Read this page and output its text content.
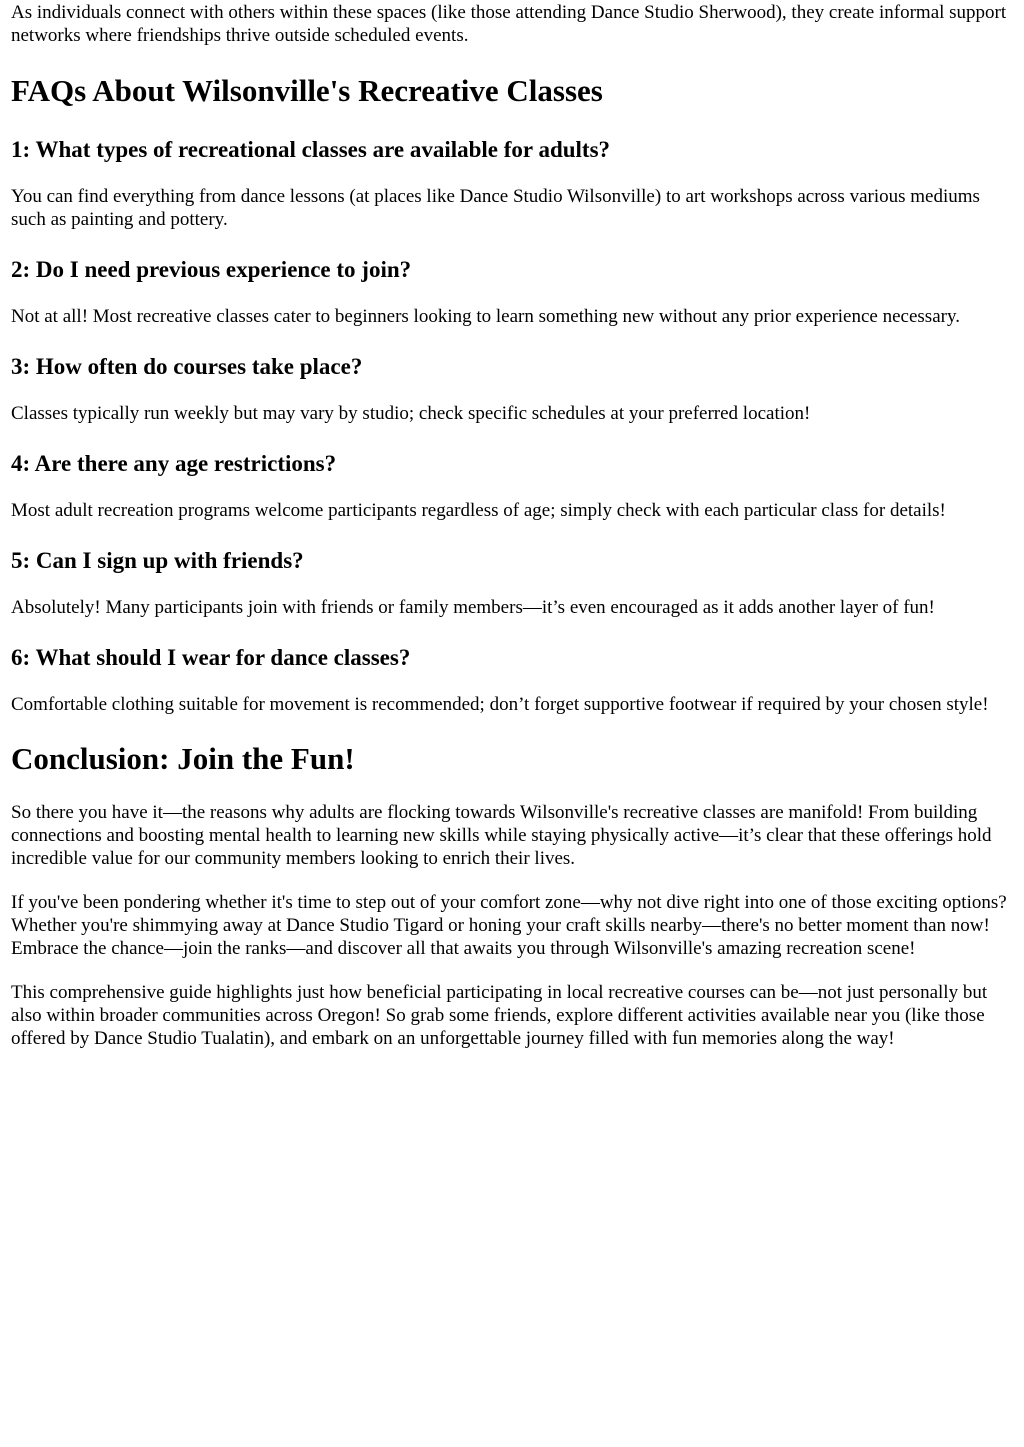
As individuals connect with others within these spaces (like those attending Dance Studio Sherwood), they create informal support networks where friendships thrive outside scheduled events.

FAQs About Wilsonville's Recreative Classes
1: What types of recreational classes are available for adults?

You can find everything from dance lessons (at places like Dance Studio Wilsonville) to art workshops across various mediums such as painting and pottery.

2: Do I need previous experience to join?

Not at all! Most recreative classes cater to beginners looking to learn something new without any prior experience necessary.

3: How often do courses take place?

Classes typically run weekly but may vary by studio; check specific schedules at your preferred location!

4: Are there any age restrictions?

Most adult recreation programs welcome participants regardless of age; simply check with each particular class for details!

5: Can I sign up with friends?

Absolutely! Many participants join with friends or family members—it’s even encouraged as it adds another layer of fun!

6: What should I wear for dance classes?

Comfortable clothing suitable for movement is recommended; don’t forget supportive footwear if required by your chosen style!

Conclusion: Join the Fun!

So there you have it—the reasons why adults are flocking towards Wilsonville's recreative classes are manifold! From building connections and boosting mental health to learning new skills while staying physically active—it’s clear that these offerings hold incredible value for our community members looking to enrich their lives.

If you've been pondering whether it's time to step out of your comfort zone—why not dive right into one of those exciting options? Whether you're shimmying away at Dance Studio Tigard or honing your craft skills nearby—there's no better moment than now! Embrace the chance—join the ranks—and discover all that awaits you through Wilsonville's amazing recreation scene!

This comprehensive guide highlights just how beneficial participating in local recreative courses can be—not just personally but also within broader communities across Oregon! So grab some friends, explore different activities available near you (like those offered by Dance Studio Tualatin), and embark on an unforgettable journey filled with fun memories along the way!
